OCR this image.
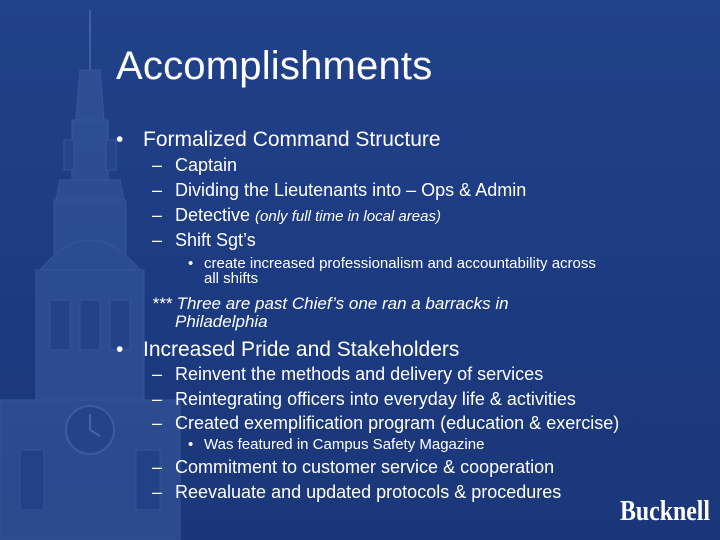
Accomplishments
• Formalized Command Structure
– Captain
– Dividing the Lieutenants into – Ops & Admin
– Detective (only full time in local areas)
– Shift Sgt’s
• create increased professionalism and accountability across
all shifts
*** Three are past Chief’s one ran a barracks in
Philadelphia
• Increased Pride and Stakeholders
– Reinvent the methods and delivery of services
– Reintegrating officers into everyday life & activities
– Created exemplification program (education & exercise)
• Was featured in Campus Safety Magazine
– Commitment to customer service & cooperation
– Reevaluate and updated protocols & procedures
Bucknell
